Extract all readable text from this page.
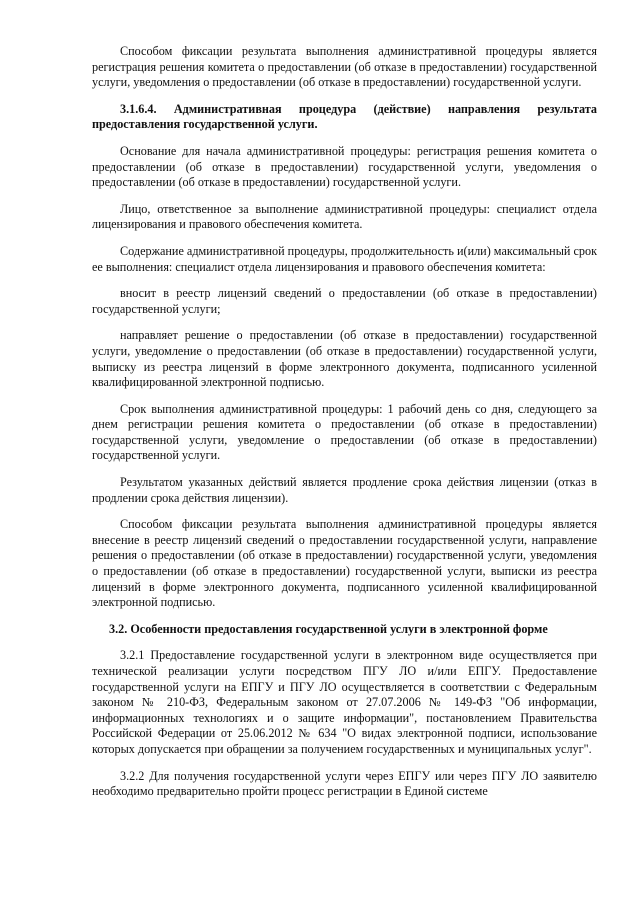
Способом фиксации результата выполнения административной процедуры является регистрация решения комитета о предоставлении (об отказе в предоставлении) государственной услуги, уведомления о предоставлении (об отказе в предоставлении) государственной услуги.

3.1.6.4. Административная процедура (действие) направления результата предоставления государственной услуги.

Основание для начала административной процедуры: регистрация решения комитета о предоставлении (об отказе в предоставлении) государственной услуги, уведомления о предоставлении (об отказе в предоставлении) государственной услуги.

Лицо, ответственное за выполнение административной процедуры: специалист отдела лицензирования и правового обеспечения комитета.

Содержание административной процедуры, продолжительность и(или) максимальный срок ее выполнения: специалист отдела лицензирования и правового обеспечения комитета:

вносит в реестр лицензий сведений о предоставлении (об отказе в предоставлении) государственной услуги;

направляет решение о предоставлении (об отказе в предоставлении) государственной услуги, уведомление о предоставлении (об отказе в предоставлении) государственной услуги, выписку из реестра лицензий в форме электронного документа, подписанного усиленной квалифицированной электронной подписью.

Срок выполнения административной процедуры: 1 рабочий день со дня, следующего за днем регистрации решения комитета о предоставлении (об отказе в предоставлении) государственной услуги, уведомление о предоставлении (об отказе в предоставлении) государственной услуги.

Результатом указанных действий является продление срока действия лицензии (отказ в продлении срока действия лицензии).

Способом фиксации результата выполнения административной процедуры является внесение в реестр лицензий сведений о предоставлении государственной услуги, направление решения о предоставлении (об отказе в предоставлении) государственной услуги, уведомления о предоставлении (об отказе в предоставлении) государственной услуги, выписки из реестра лицензий в форме электронного документа, подписанного усиленной квалифицированной электронной подписью.

3.2. Особенности предоставления государственной услуги в электронной форме

3.2.1 Предоставление государственной услуги в электронном виде осуществляется при технической реализации услуги посредством ПГУ ЛО и/или ЕПГУ. Предоставление государственной услуги на ЕПГУ и ПГУ ЛО осуществляется в соответствии с Федеральным законом № 210-ФЗ, Федеральным законом от 27.07.2006 № 149-ФЗ "Об информации, информационных технологиях и о защите информации", постановлением Правительства Российской Федерации от 25.06.2012 № 634 "О видах электронной подписи, использование которых допускается при обращении за получением государственных и муниципальных услуг".

3.2.2 Для получения государственной услуги через ЕПГУ или через ПГУ ЛО заявителю необходимо предварительно пройти процесс регистрации в Единой системе
